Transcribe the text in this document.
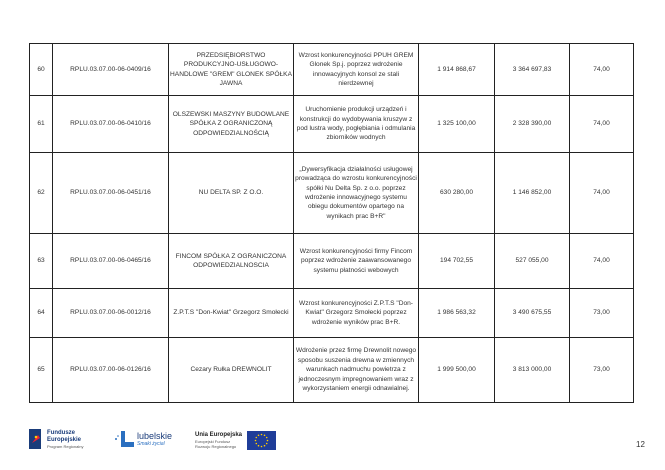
60	RPLU.03.07.00-06-0409/16	PRZEDSIĘBIORSTWO PRODUKCYJNO-USŁUGOWO-HANDLOWE "GREM" GLONEK SPÓŁKA JAWNA	Wzrost konkurencyjności PPUH GREM Glonek Sp.j. poprzez wdrożenie innowacyjnych konsol ze stali nierdzewnej	1 914 868,67	3 364 697,83	74,00
61	RPLU.03.07.00-06-0410/16	OLSZEWSKI MASZYNY BUDOWLANE SPÓŁKA Z OGRANICZONĄ ODPOWIEDZIALNOŚCIĄ	Uruchomienie produkcji urządzeń i konstrukcji do wydobywania kruszyw z pod lustra wody, pogłębiania i odmulania zbiorników wodnych	1 325 100,00	2 328 390,00	74,00
62	RPLU.03.07.00-06-0451/16	NU DELTA SP. Z O.O.	„Dywersyfikacja działalności usługowej prowadząca do wzrostu konkurencyjności spółki Nu Delta Sp. z o.o. poprzez wdrożenie innowacyjnego systemu obiegu dokumentów opartego na wynikach prac B+R"	630 280,00	1 146 852,00	74,00
63	RPLU.03.07.00-06-0465/16	FINCOM SPÓŁKA Z OGRANICZONA ODPOWIEDZIALNOSCIA	Wzrost konkurencyjności firmy Fincom poprzez wdrożenie zaawansowanego systemu płatności webowych	194 702,55	527 055,00	74,00
64	RPLU.03.07.00-06-0012/16	Z.P.T.S "Don-Kwiat" Grzegorz Smołecki	Wzrost konkurencyjności Z.P.T.S "Don-Kwiat" Grzegorz Smołecki poprzez wdrożenie wyników prac B+R.	1 986 563,32	3 490 675,55	73,00
65	RPLU.03.07.00-06-0126/16	Cezary Rułka DREWNOLIT	Wdrożenie przez firmę Drewnolit nowego sposobu suszenia drewna w zmiennych warunkach nadmuchu powietrza z jednoczesnym impregnowaniem wraz z wykorzystaniem energii odnawialnej.	1 999 500,00	3 813 000,00	73,00
Fundusze
Europejskie
Program Regionalny
lubelskie
Smaki życia!
Unia Europejska
Europejski Fundusz
Rozwoju Regionalnego	12
